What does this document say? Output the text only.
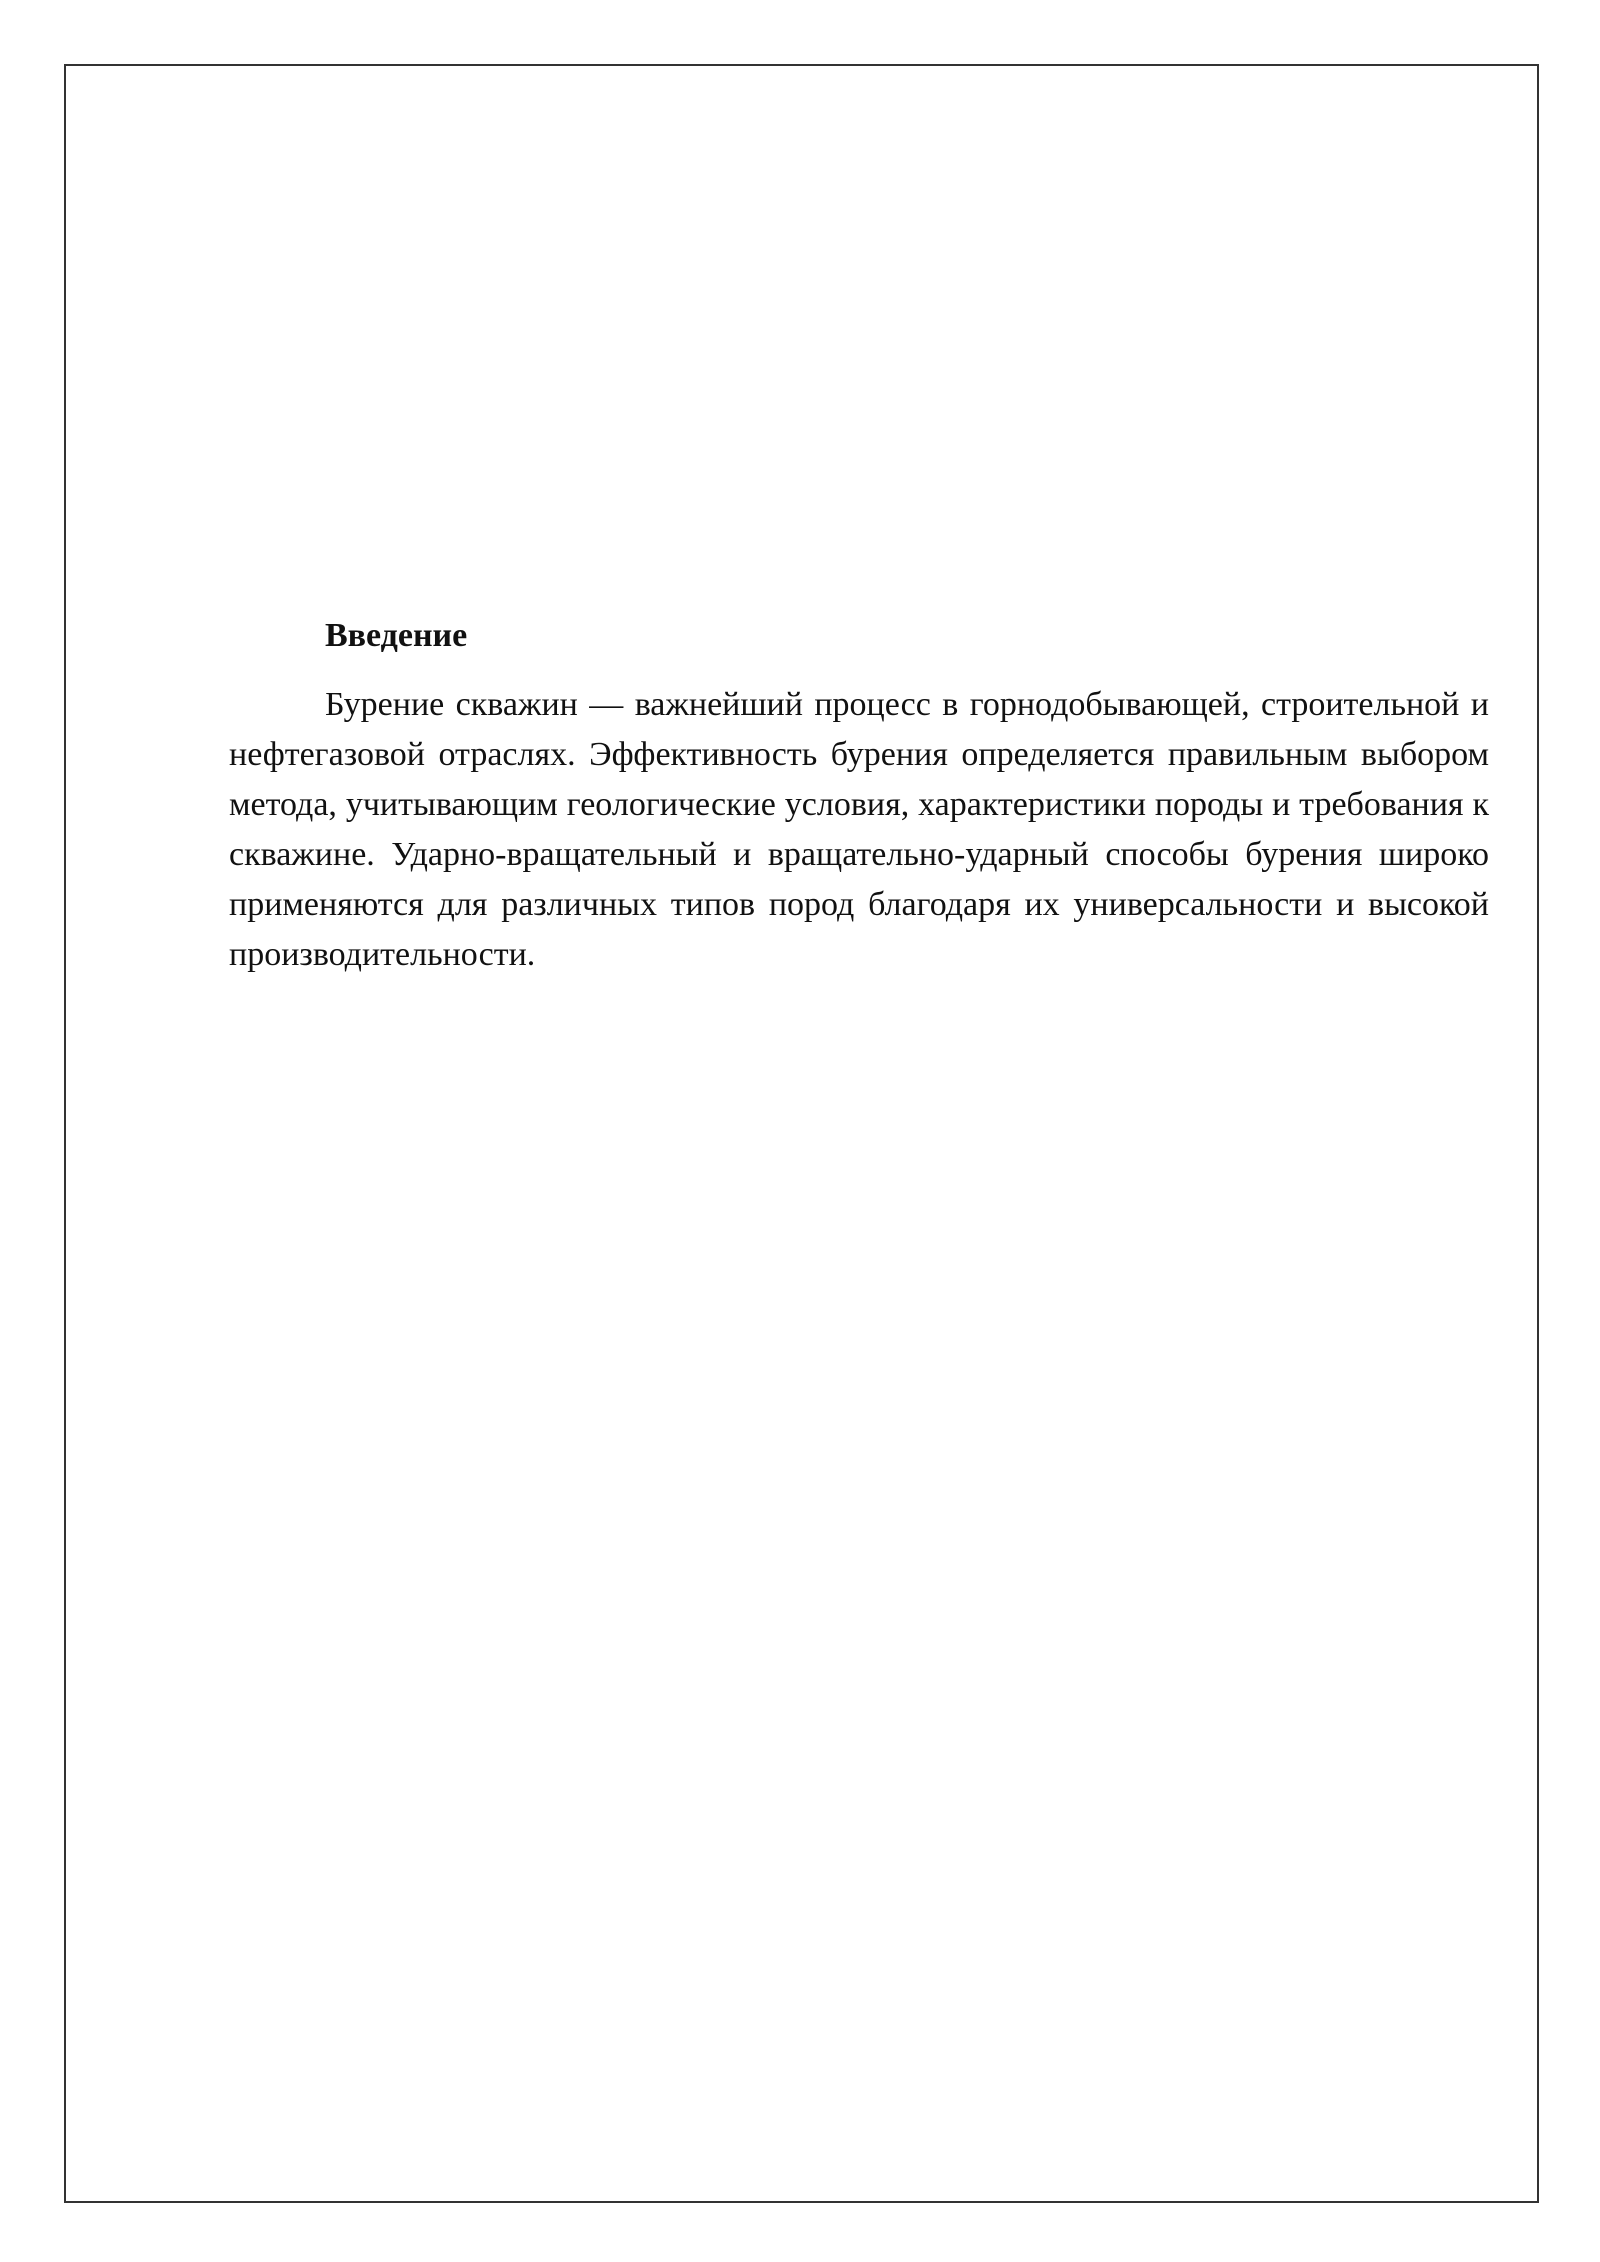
Введение

Бурение скважин — важнейший процесс в горнодобывающей, строительной и нефтегазовой отраслях. Эффективность бурения определяется правильным выбором метода, учитывающим геологические условия, характеристики породы и требования к скважине. Ударно-вращательный и вращательно-ударный способы бурения широко применяются для различных типов пород благодаря их универсальности и высокой производительности.
